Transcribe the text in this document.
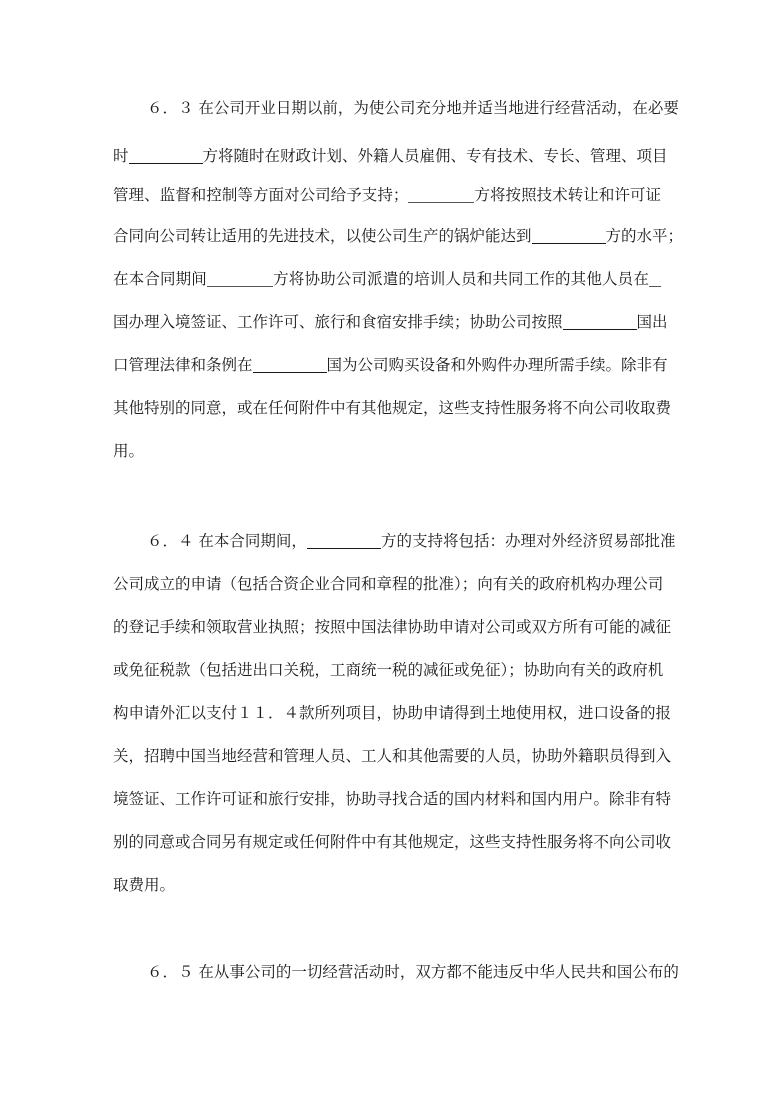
６．３ 在公司开业日期以前，为使公司充分地并适当地进行经营活动，在必要
时	方将随时在财政计划、外籍人员雇佣、专有技术、专长、管理、项目
管理、监督和控制等方面对公司给予支持；	方将按照技术转让和许可证
合同向公司转让适用的先进技术，以使公司生产的锅炉能达到	方的水平；
在本合同期间	方将协助公司派遣的培训人员和共同工作的其他人员在
国办理入境签证、工作许可、旅行和食宿安排手续；协助公司按照	国出
口管理法律和条例在	国为公司购买设备和外购件办理所需手续。除非有
其他特别的同意，或在任何附件中有其他规定，这些支持性服务将不向公司收取费
用。
６．４ 在本合同期间，	方的支持将包括：办理对外经济贸易部批准
公司成立的申请（包括合资企业合同和章程的批准）；向有关的政府机构办理公司
的登记手续和领取营业执照；按照中国法律协助申请对公司或双方所有可能的减征
或免征税款（包括进出口关税，工商统一税的减征或免征）；协助向有关的政府机
构申请外汇以支付１１．４款所列项目，协助申请得到土地使用权，进口设备的报
关，招聘中国当地经营和管理人员、工人和其他需要的人员，协助外籍职员得到入
境签证、工作许可证和旅行安排，协助寻找合适的国内材料和国内用户。除非有特
别的同意或合同另有规定或任何附件中有其他规定，这些支持性服务将不向公司收
取费用。
６．５ 在从事公司的一切经营活动时，双方都不能违反中华人民共和国公布的
